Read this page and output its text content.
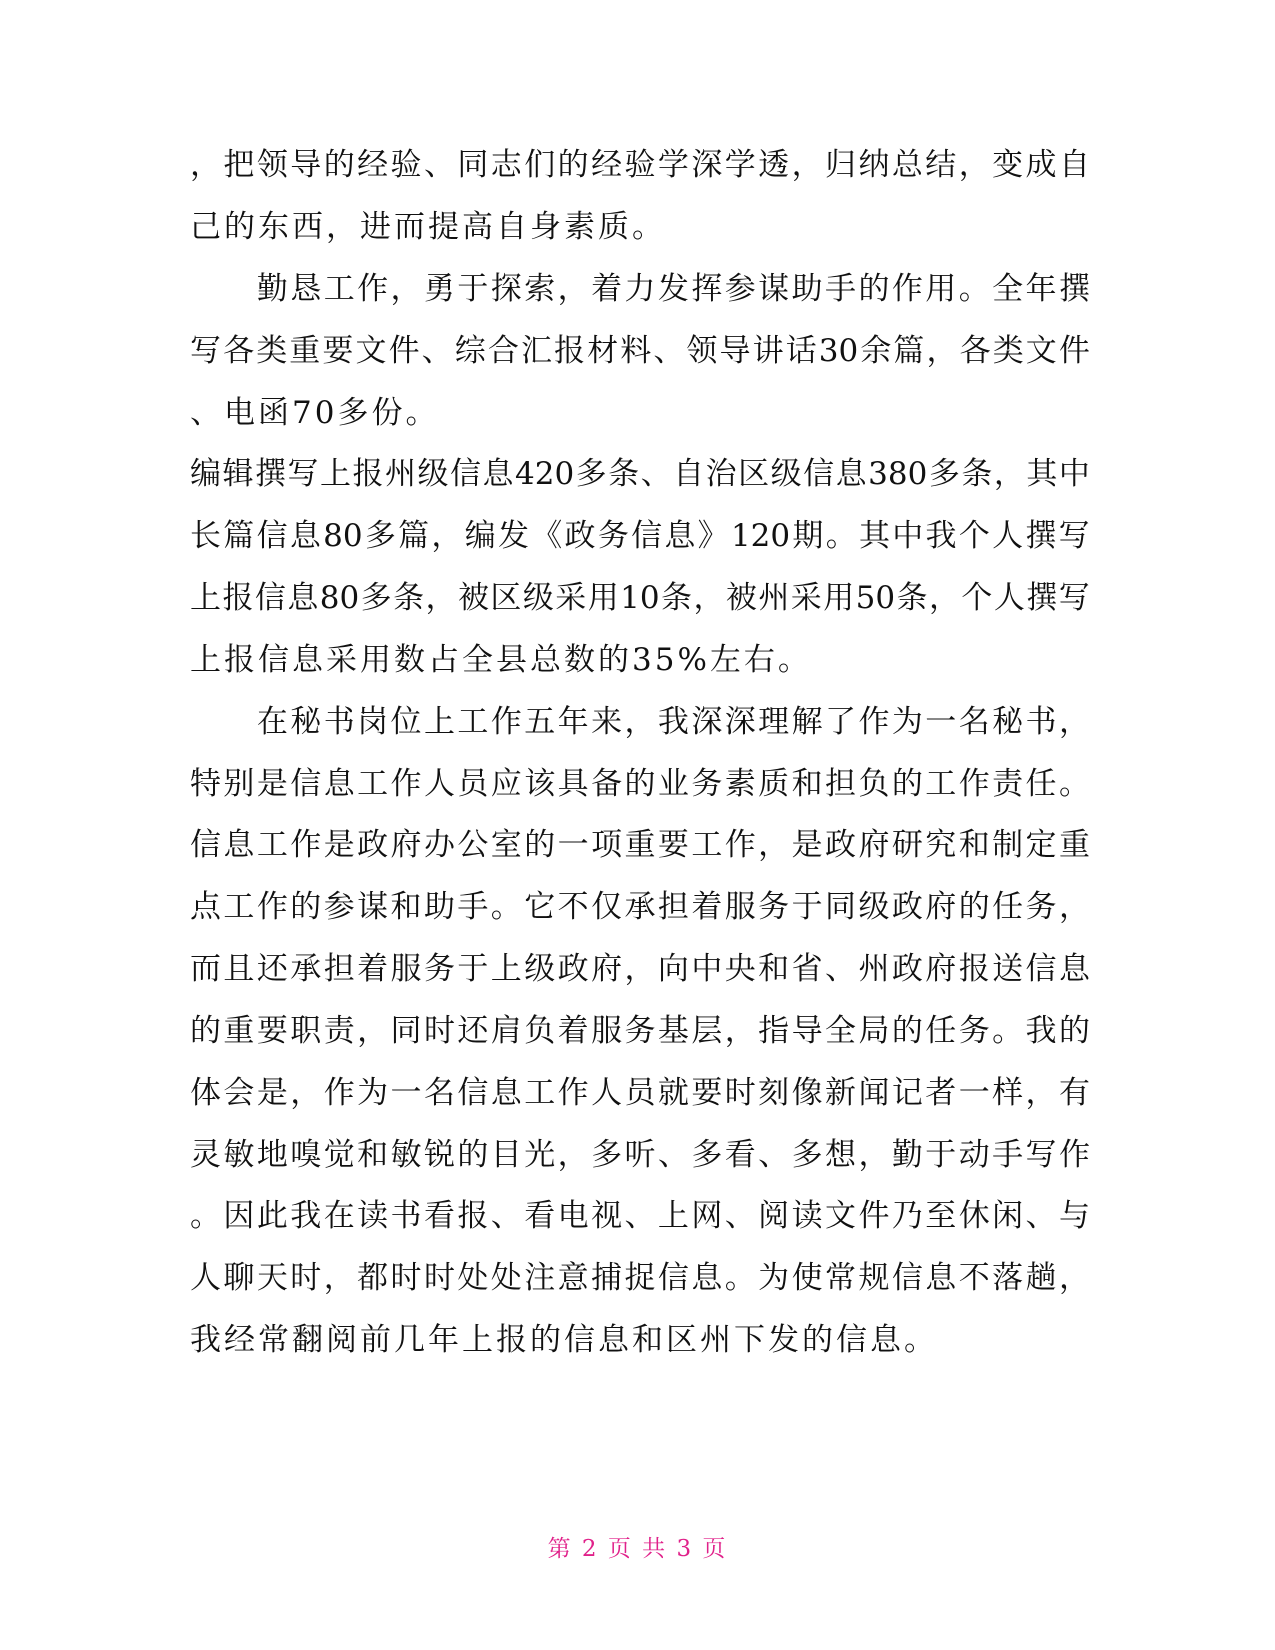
， 把 领 导 的 经 验 、 同 志 们 的 经 验 学 深 学 透 ， 归 纳 总 结 ， 变 成 自
己的东西，进而提高自身素质。

勤 恳 工 作 ， 勇 于 探 索 ， 着 力 发 挥 参 谋 助 手 的 作 用 。 全 年 撰
写 各 类 重 要 文 件 、 综 合 汇 报 材 料 、 领 导 讲 话 30 余 篇 ， 各 类 文 件
、电函70多份。
编 辑 撰 写 上 报 州 级 信 息 420 多 条 、 自 治 区 级 信 息 380 多 条 ， 其 中
长 篇 信 息 80 多 篇 ， 编 发 《 政 务 信 息 》 120 期 。 其 中 我 个 人 撰 写
上 报 信 息 80 多 条 ， 被 区 级 采 用 10 条 ， 被 州 采 用 50 条 ， 个 人 撰 写
上报信息采用数占全县总数的35%左右。

在 秘 书 岗 位 上 工 作 五 年 来 ， 我 深 深 理 解 了 作 为 一 名 秘 书 ，
特 别 是 信 息 工 作 人 员 应 该 具 备 的 业 务 素 质 和 担 负 的 工 作 责 任 。
信 息 工 作 是 政 府 办 公 室 的 一 项 重 要 工 作 ， 是 政 府 研 究 和 制 定 重
点 工 作 的 参 谋 和 助 手 。 它 不 仅 承 担 着 服 务 于 同 级 政 府 的 任 务 ，
而 且 还 承 担 着 服 务 于 上 级 政 府 ， 向 中 央 和 省 、 州 政 府 报 送 信 息
的 重 要 职 责 ， 同 时 还 肩 负 着 服 务 基 层 ， 指 导 全 局 的 任 务 。 我 的
体 会 是 ， 作 为 一 名 信 息 工 作 人 员 就 要 时 刻 像 新 闻 记 者 一 样 ， 有
灵 敏 地 嗅 觉 和 敏 锐 的 目 光 ， 多 听 、 多 看 、 多 想 ， 勤 于 动 手 写 作
。 因 此 我 在 读 书 看 报 、 看 电 视 、 上 网 、 阅 读 文 件 乃 至 休 闲 、 与
人 聊 天 时 ， 都 时 时 处 处 注 意 捕 捉 信 息 。 为 使 常 规 信 息 不 落 趟 ，
我经常翻阅前几年上报的信息和区州下发的信息。
第 2 页 共 3 页
